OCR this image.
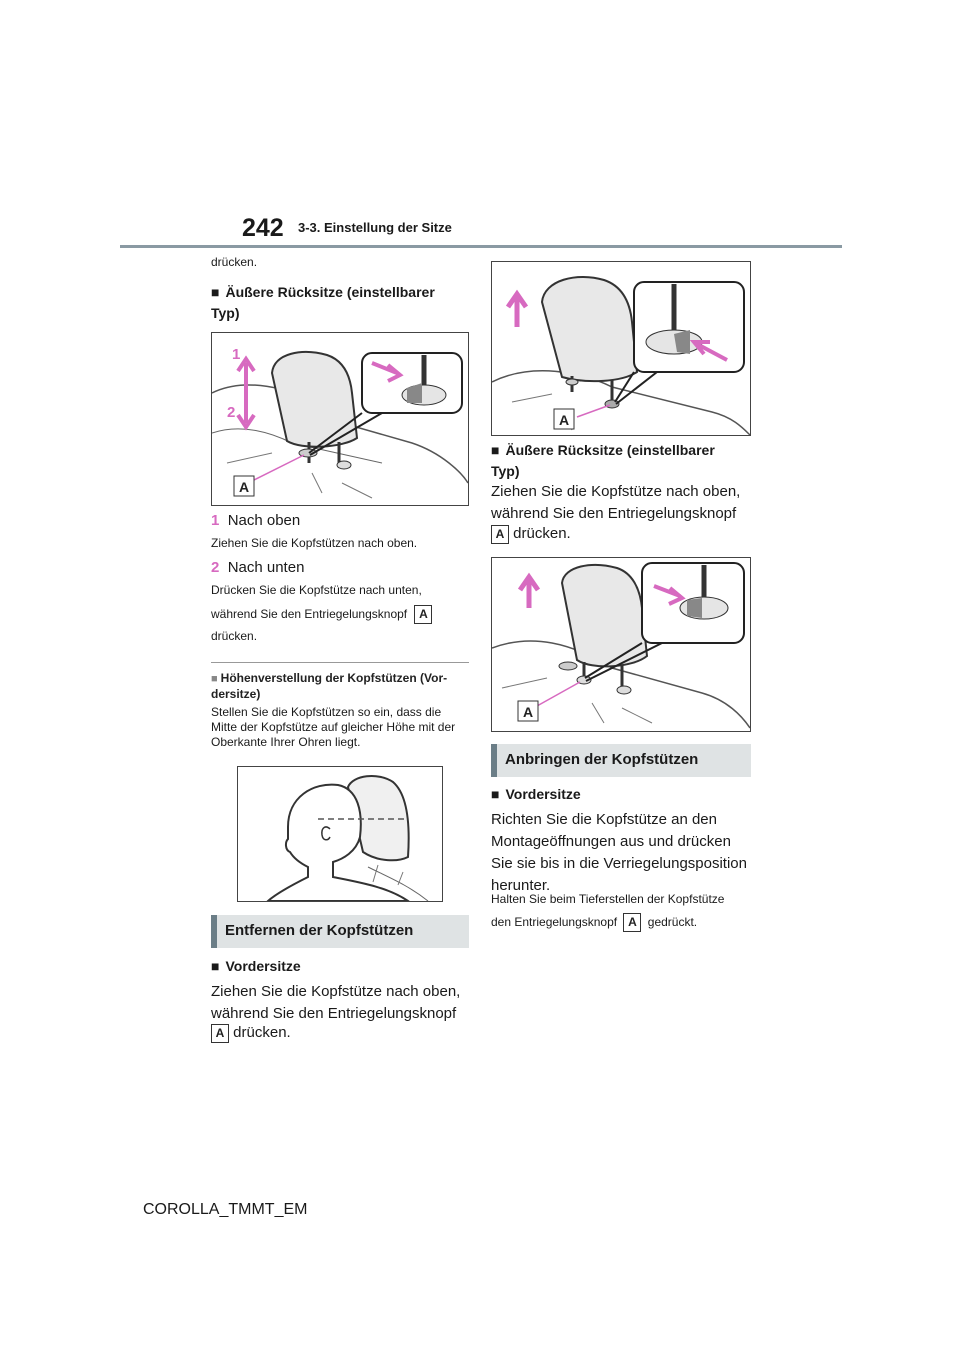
242 3-3. Einstellung der Sitze
drücken.
■ Äußere Rücksitze (einstellbarer Typ)
1
2
A
1 Nach oben
Ziehen Sie die Kopfstützen nach oben.
2 Nach unten
Drücken Sie die Kopfstütze nach unten,
während Sie den Entriegelungsknopf A
drücken.
■ Höhenverstellung der Kopfstützen (Vor-dersitze)
Stellen Sie die Kopfstützen so ein, dass die Mitte der Kopfstütze auf gleicher Höhe mit der Oberkante Ihrer Ohren liegt.
Entfernen der Kopfstützen
■ Vordersitze
Ziehen Sie die Kopfstütze nach oben, während Sie den Entriegelungsknopf
A drücken.
A
■ Äußere Rücksitze (einstellbarer Typ)
Ziehen Sie die Kopfstütze nach oben, während Sie den Entriegelungsknopf
A drücken.
A
Anbringen der Kopfstützen
■ Vordersitze
Richten Sie die Kopfstütze an den Montageöffnungen aus und drücken Sie sie bis in die Verriegelungsposition herunter.
Halten Sie beim Tieferstellen der Kopfstütze
den Entriegelungsknopf A gedrückt.
COROLLA_TMMT_EM
